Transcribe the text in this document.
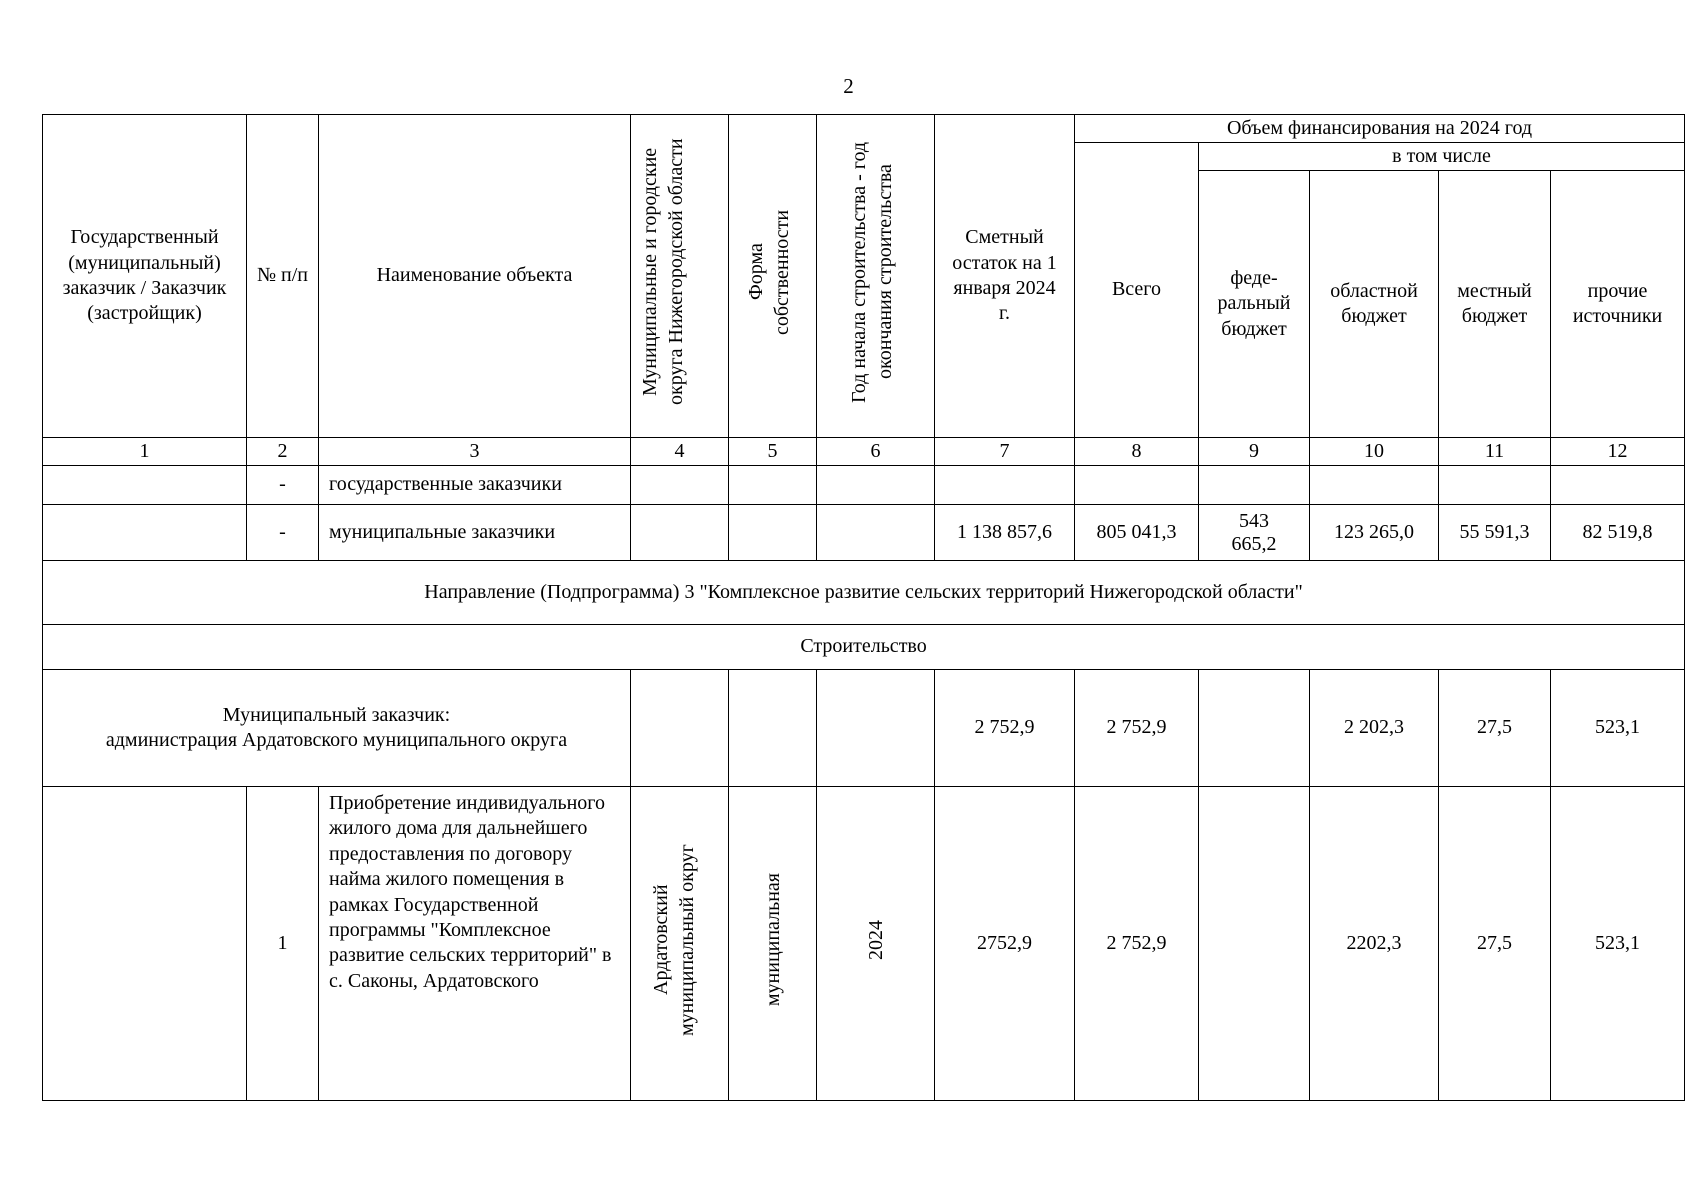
2
Государственный (муниципальный) заказчик / Заказчик (застройщик)	№ п/п	Наименование объекта	Муниципальные и городские округа Нижегородской области	Форма собственности	Год начала строительства - год окончания строительства	Сметный остаток на 1 января 2024 г.	Объем финансирования на 2024 год				
							Всего	в том числе			
								феде-ральный бюджет	областной бюджет	местный бюджет	прочие источники
1	2	3	4	5	6	7	8	9	10	11	12
	-	государственные заказчики									
	-	муниципальные заказчики				1 138 857,6	805 041,3	543 665,2	123 265,0	55 591,3	82 519,8
Направление (Подпрограмма) 3 "Комплексное развитие сельских территорий Нижегородской области"											
Строительство											

Муниципальный заказчик:
администрация Ардатовского муниципального округа						2 752,9	2 752,9		2 202,3	27,5	523,1
	1	Приобретение индивидуального жилого дома для дальнейшего предоставления по договору найма жилого помещения в рамках Государственной программы "Комплексное развитие сельских территорий" в с. Саконы, Ардатовского	Ардатовский муниципальный округ	муниципальная	2024	2752,9	2 752,9		2202,3	27,5	523,1
